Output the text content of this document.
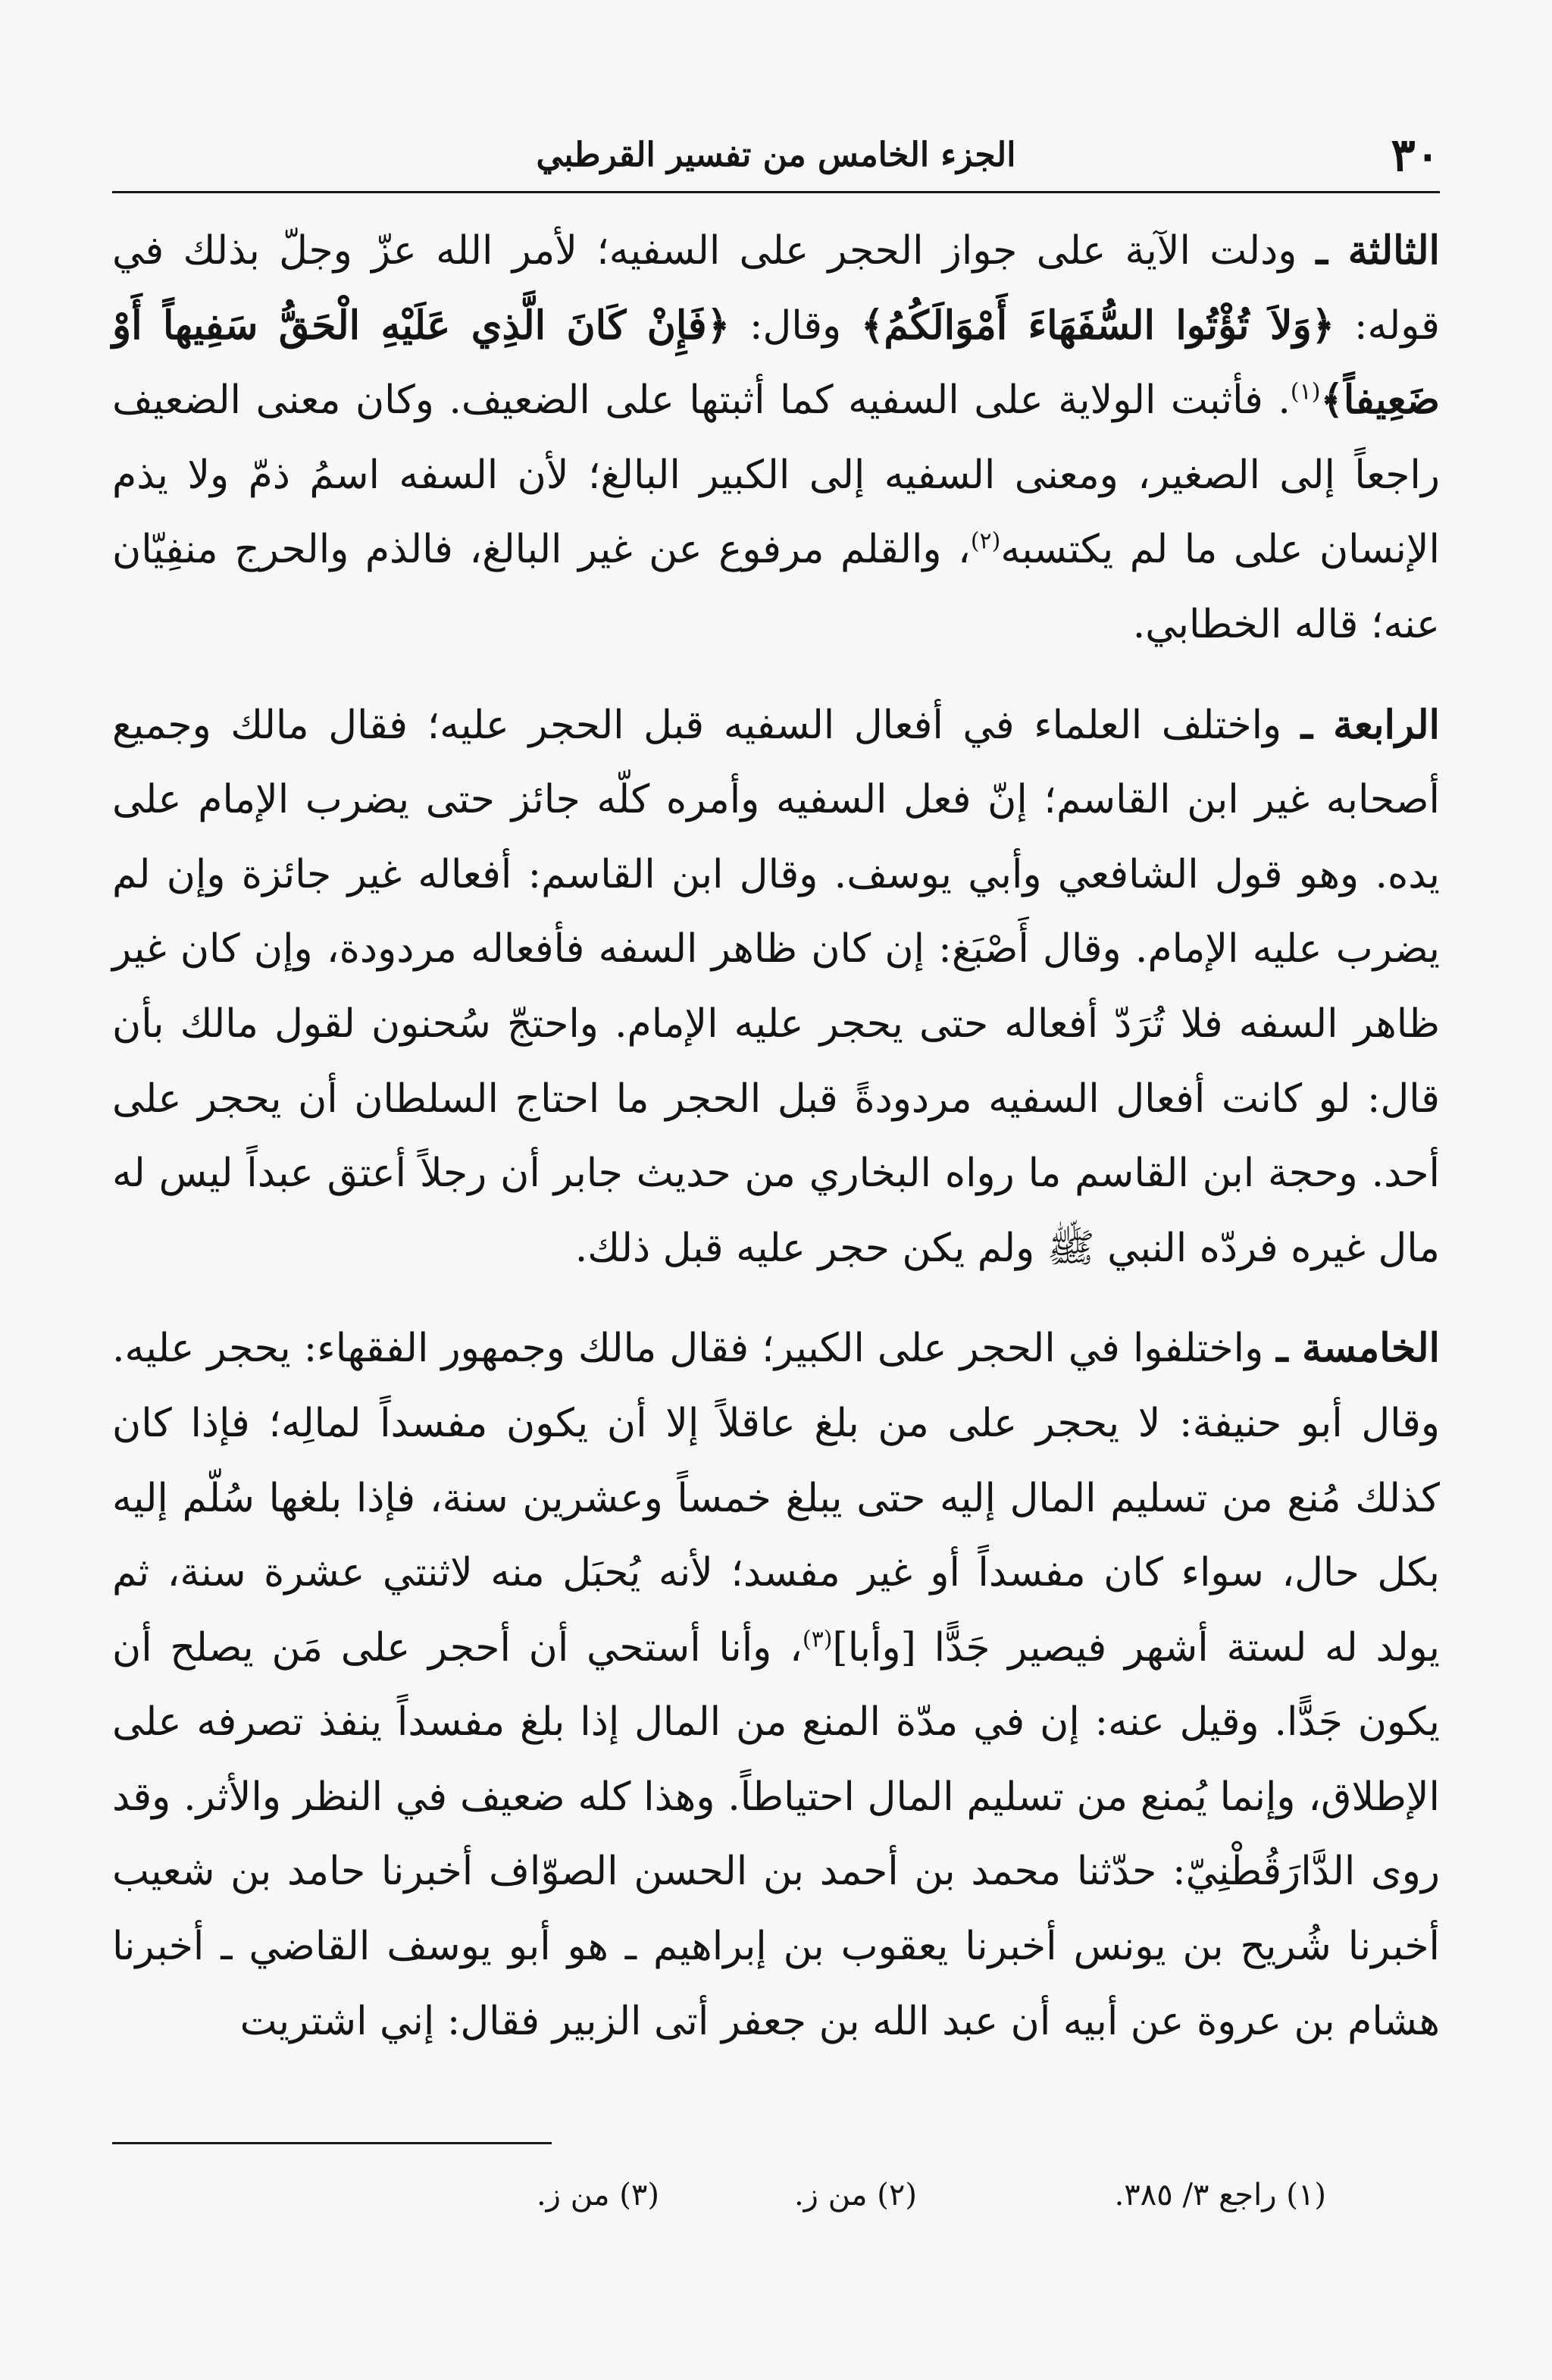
٣٠
الجزء الخامس من تفسير القرطبي

الثالثة ـ ودلت الآية على جواز الحجر على السفيه؛ لأمر الله عزّ وجلّ بذلك في قوله: ﴿وَلاَ تُؤْتُوا السُّفَهَاءَ أَمْوَالَكُمُ﴾ وقال: ﴿فَإِنْ كَانَ الَّذِي عَلَيْهِ الْحَقُّ سَفِيهاً أَوْ ضَعِيفاً﴾$^{(١)}$. فأثبت الولاية على السفيه كما أثبتها على الضعيف. وكان معنى الضعيف راجعاً إلى الصغير، ومعنى السفيه إلى الكبير البالغ؛ لأن السفه اسمُ ذمّ ولا يذم الإنسان على ما لم يكتسبه$^{(٢)}$، والقلم مرفوع عن غير البالغ، فالذم والحرج منفِيّان عنه؛ قاله الخطابي.

الرابعة ـ واختلف العلماء في أفعال السفيه قبل الحجر عليه؛ فقال مالك وجميع أصحابه غير ابن القاسم؛ إنّ فعل السفيه وأمره كلّه جائز حتى يضرب الإمام على يده. وهو قول الشافعي وأبي يوسف. وقال ابن القاسم: أفعاله غير جائزة وإن لم يضرب عليه الإمام. وقال أَصْبَغ: إن كان ظاهر السفه فأفعاله مردودة، وإن كان غير ظاهر السفه فلا تُرَدّ أفعاله حتى يحجر عليه الإمام. واحتجّ سُحنون لقول مالك بأن قال: لو كانت أفعال السفيه مردودةً قبل الحجر ما احتاج السلطان أن يحجر على أحد. وحجة ابن القاسم ما رواه البخاري من حديث جابر أن رجلاً أعتق عبداً ليس له مال غيره فردّه النبي ﷺ ولم يكن حجر عليه قبل ذلك.

الخامسة ـ واختلفوا في الحجر على الكبير؛ فقال مالك وجمهور الفقهاء: يحجر عليه. وقال أبو حنيفة: لا يحجر على من بلغ عاقلاً إلا أن يكون مفسداً لمالِه؛ فإذا كان كذلك مُنع من تسليم المال إليه حتى يبلغ خمساً وعشرين سنة، فإذا بلغها سُلّم إليه بكل حال، سواء كان مفسداً أو غير مفسد؛ لأنه يُحبَل منه لاثنتي عشرة سنة، ثم يولد له لستة أشهر فيصير جَدًّا [وأبا]$^{(٣)}$، وأنا أستحي أن أحجر على مَن يصلح أن يكون جَدًّا. وقيل عنه: إن في مدّة المنع من المال إذا بلغ مفسداً ينفذ تصرفه على الإطلاق، وإنما يُمنع من تسليم المال احتياطاً. وهذا كله ضعيف في النظر والأثر. وقد روى الدَّارَقُطْنِيّ: حدّثنا محمد بن أحمد بن الحسن الصوّاف أخبرنا حامد بن شعيب أخبرنا شُريح بن يونس أخبرنا يعقوب بن إبراهيم ـ هو أبو يوسف القاضي ـ أخبرنا هشام بن عروة عن أبيه أن عبد الله بن جعفر أتى الزبير فقال: إني اشتريت

(١) راجع ٣/ ٣٨٥.
(٢) من ز.
(٣) من ز.
